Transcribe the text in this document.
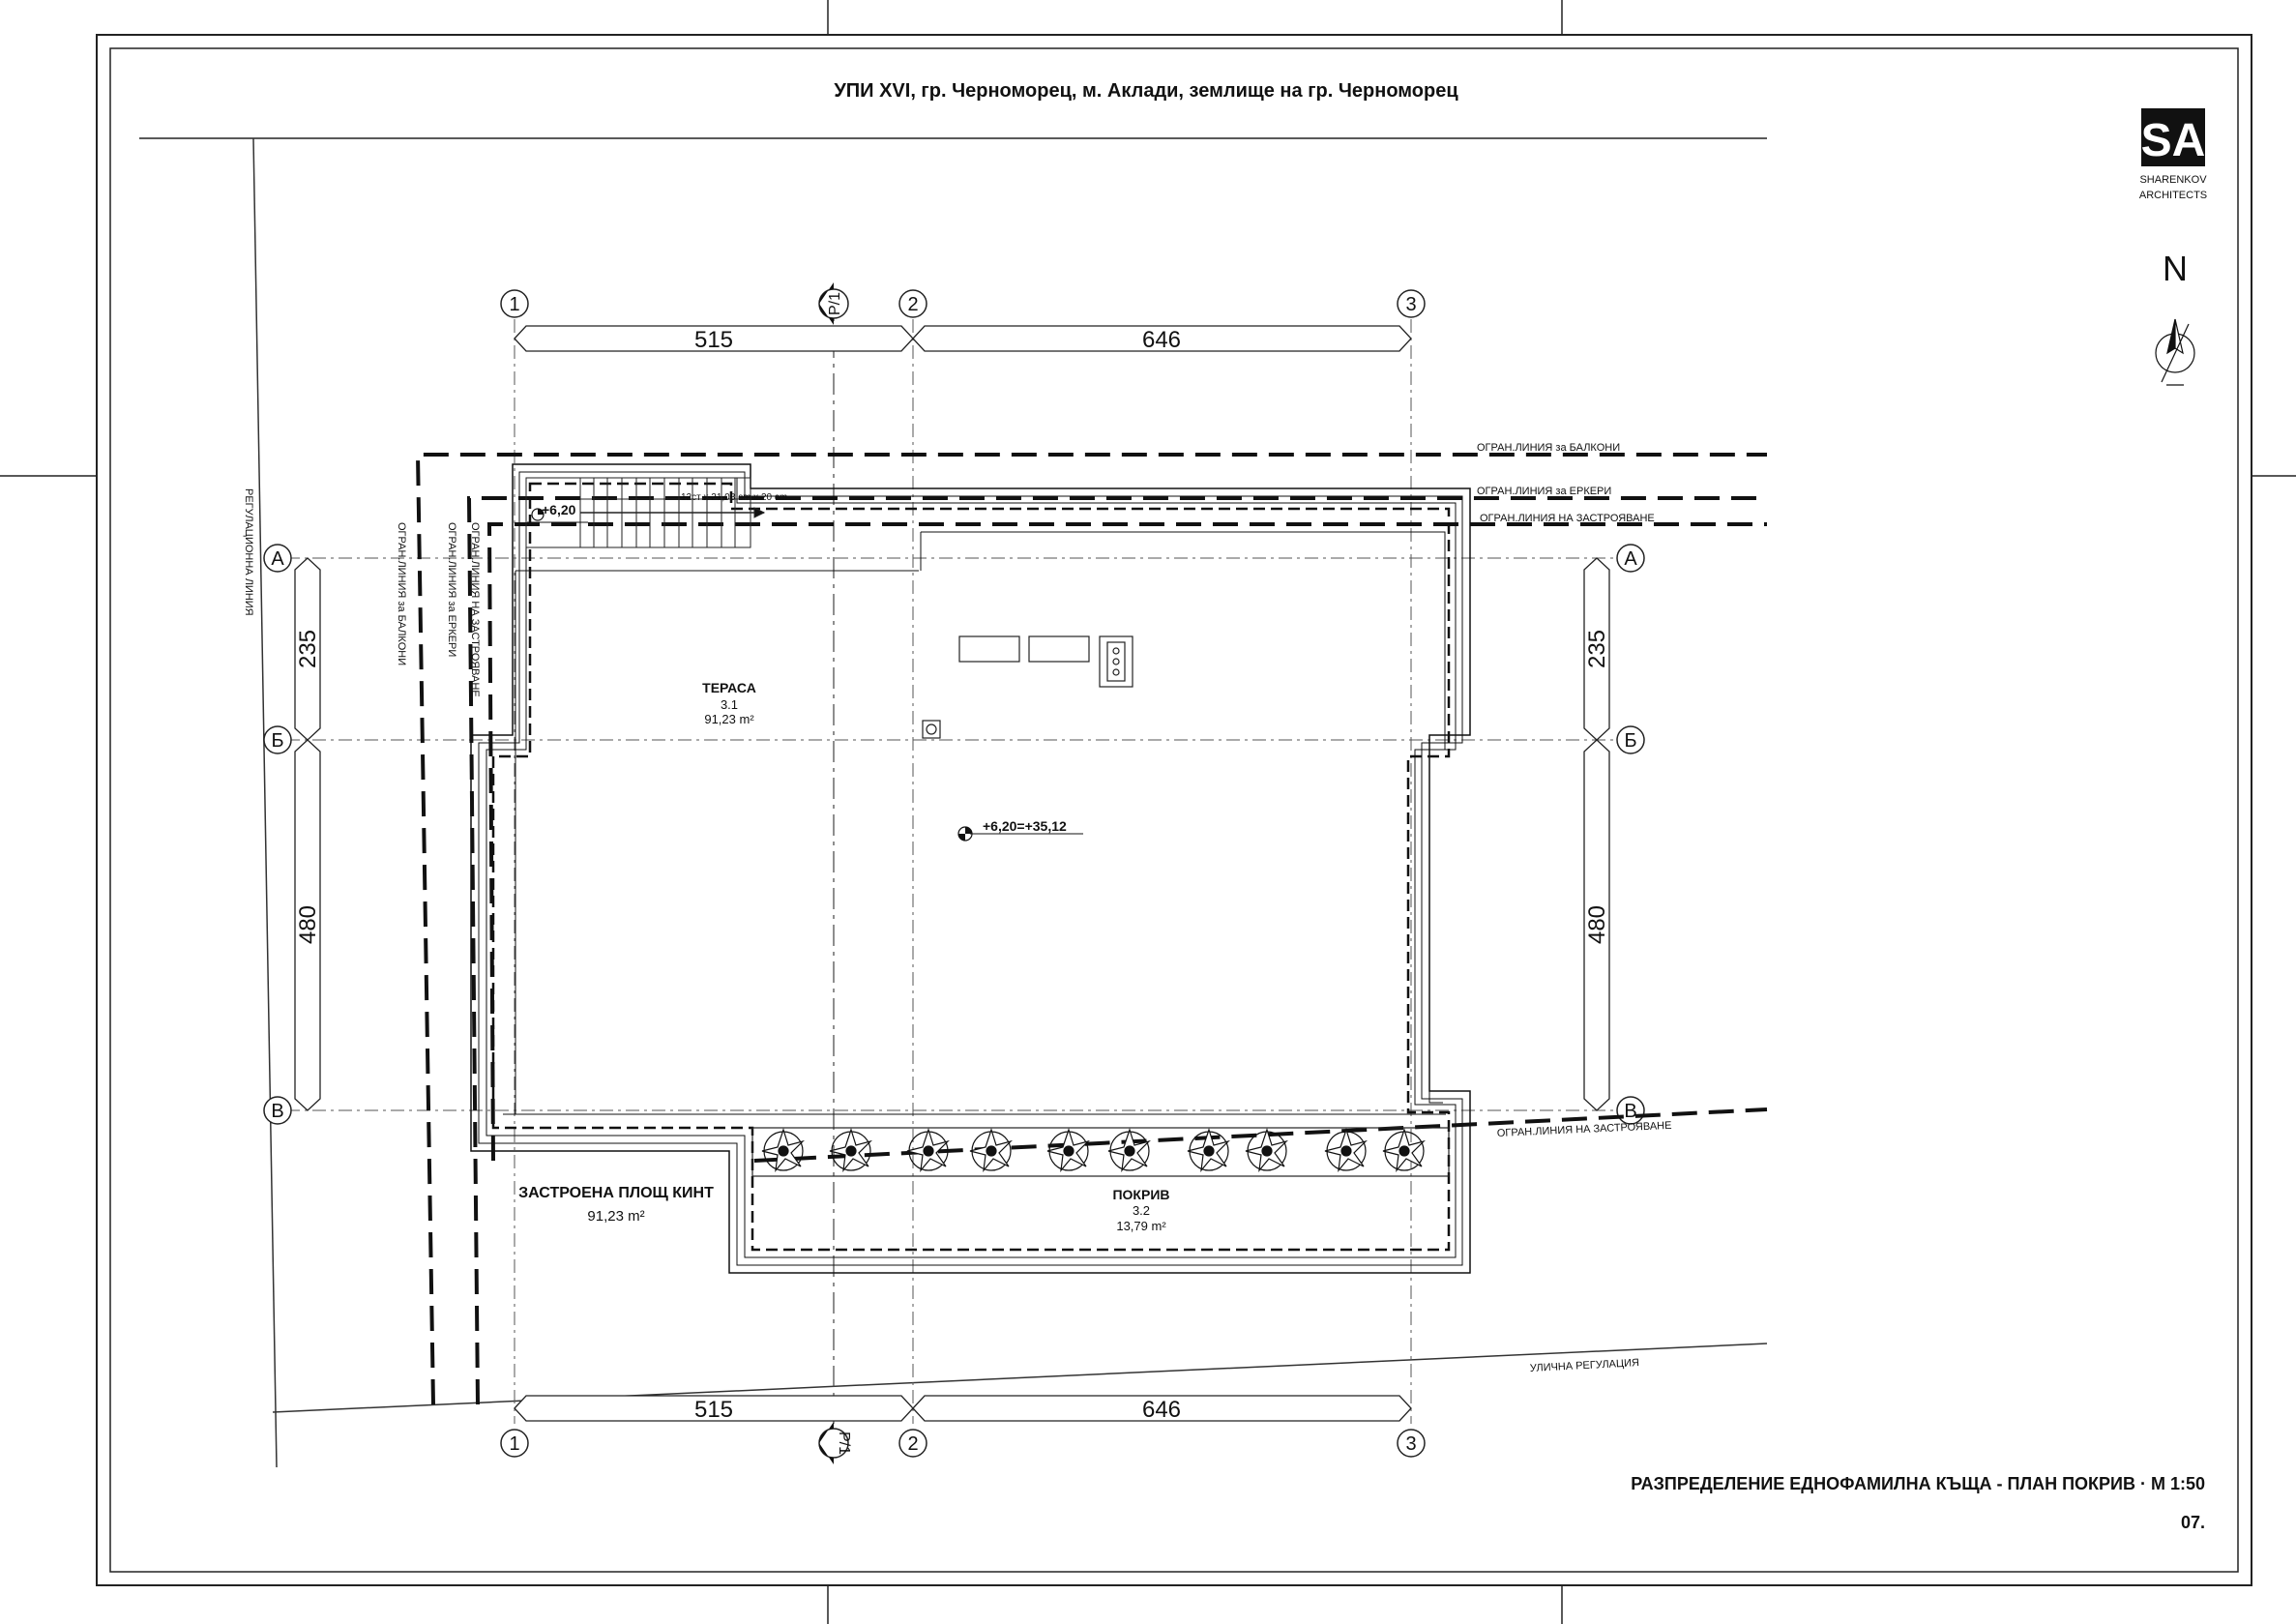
УПИ XVI, гр. Черноморец, м. Аклади, землище на гр. Черноморец
SA
SHARENKOV
ARCHITECTS
N
РЕГУЛАЦИОННА ЛИНИЯ
УЛИЧНА РЕГУЛАЦИЯ
1	2	3
1	2	3
А
Б
В
А
Б
В
P/1
P/1
515	646
515	646
235
480
235
480
ОГРАН.ЛИНИЯ за БАЛКОНИ
ОГРАН.ЛИНИЯ за ЕРКЕРИ
ОГРАН.ЛИНИЯ НА ЗАСТРОЯВАНЕ
ОГРАН.ЛИНИЯ НА ЗАСТРОЯВАНЕ
ОГРАН.ЛИНИЯ за БАЛКОНИ	ОГРАН.ЛИНИЯ за ЕРКЕРИ ОГРАН.ЛИНИЯ НА ЗАСТРОЯВАНЕ
12ст x 21,08 cm x 20 cm
+6,20
ТЕРАСА
3.1
91,23 m²
+6,20=+35,12
ПОКРИВ
3.2
13,79 m²
ЗАСТРОЕНА ПЛОЩ КИНТ
91,23 m²
РАЗПРЕДЕЛЕНИЕ ЕДНОФАМИЛНА КЪЩА - ПЛАН ПОКРИВ · M 1:50
07.
